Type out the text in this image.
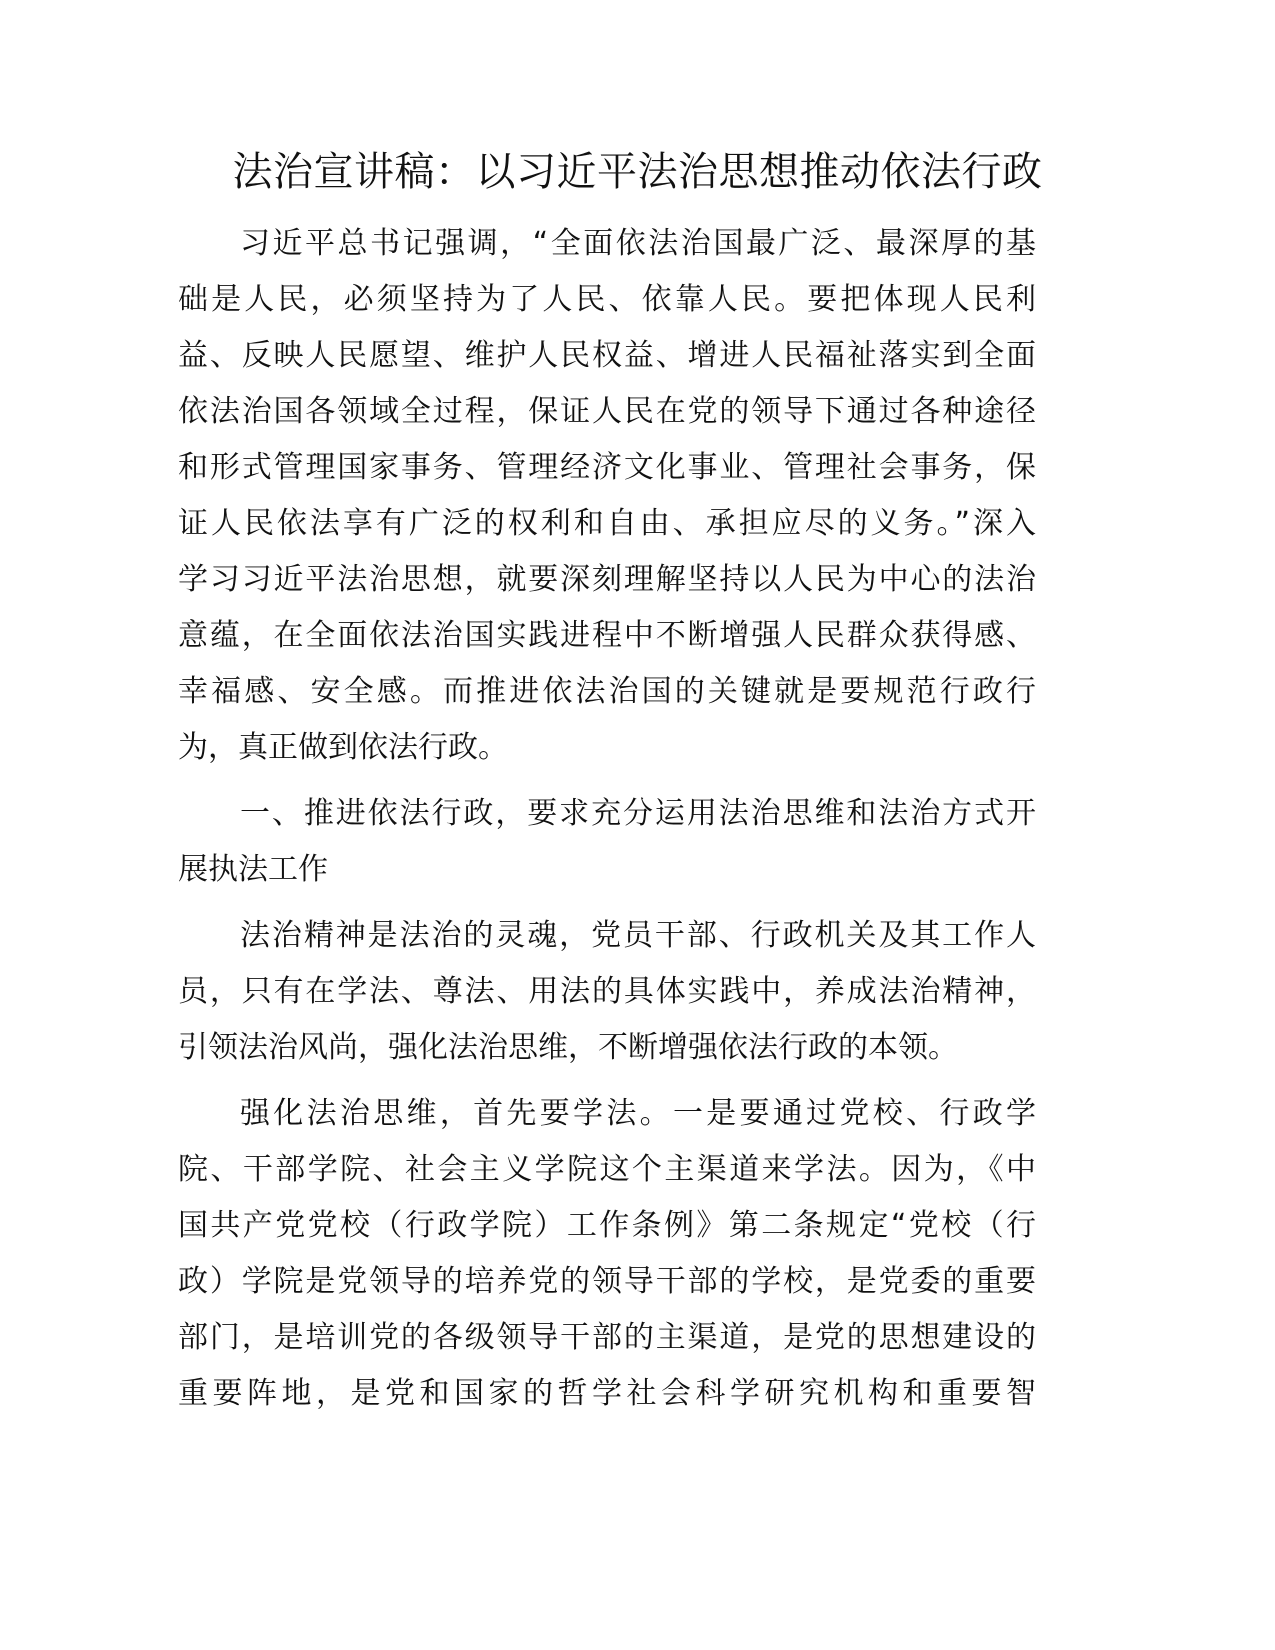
法治宣讲稿：以习近平法治思想推动依法行政
习近平总书记强调，“全面依法治国最广泛、最深厚的基
础是人民，必须坚持为了人民、依靠人民。要把体现人民利
益、反映人民愿望、维护人民权益、增进人民福祉落实到全面
依法治国各领域全过程，保证人民在党的领导下通过各种途径
和形式管理国家事务、管理经济文化事业、管理社会事务，保
证人民依法享有广泛的权利和自由、承担应尽的义务。”深入
学习习近平法治思想，就要深刻理解坚持以人民为中心的法治
意蕴，在全面依法治国实践进程中不断增强人民群众获得感、
幸福感、安全感。而推进依法治国的关键就是要规范行政行
为，真正做到依法行政。
一、推进依法行政，要求充分运用法治思维和法治方式开
展执法工作
法治精神是法治的灵魂，党员干部、行政机关及其工作人
员，只有在学法、尊法、用法的具体实践中，养成法治精神，
引领法治风尚，强化法治思维，不断增强依法行政的本领。
强化法治思维，首先要学法。一是要通过党校、行政学
院、干部学院、社会主义学院这个主渠道来学法。因为，《中
国共产党党校（行政学院）工作条例》第二条规定“党校（行
政）学院是党领导的培养党的领导干部的学校，是党委的重要
部门，是培训党的各级领导干部的主渠道，是党的思想建设的
重要阵地，是党和国家的哲学社会科学研究机构和重要智
